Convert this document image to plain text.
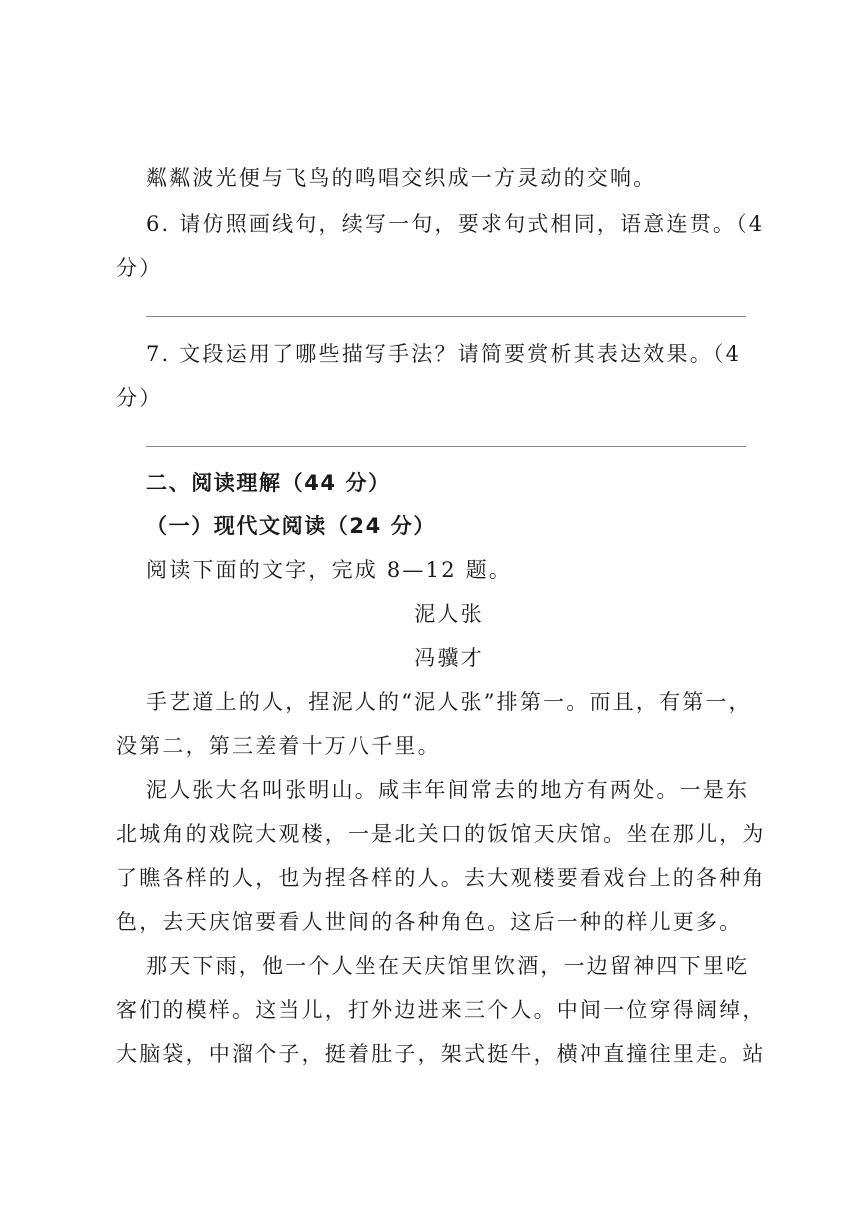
粼粼波光便与飞鸟的鸣唱交织成一方灵动的交响。
6. 请仿照画线句，续写一句，要求句式相同，语意连贯。（4
分）
7. 文段运用了哪些描写手法？请简要赏析其表达效果。（4
分）
二、阅读理解（44 分）
（一）现代文阅读（24 分）
阅读下面的文字，完成 8—12 题。
泥人张
冯骥才
手艺道上的人，捏泥人的“泥人张”排第一。而且，有第一，
没第二，第三差着十万八千里。
泥人张大名叫张明山。咸丰年间常去的地方有两处。一是东
北城角的戏院大观楼，一是北关口的饭馆天庆馆。坐在那儿，为
了瞧各样的人，也为捏各样的人。去大观楼要看戏台上的各种角
色，去天庆馆要看人世间的各种角色。这后一种的样儿更多。
那天下雨，他一个人坐在天庆馆里饮酒，一边留神四下里吃
客们的模样。这当儿，打外边进来三个人。中间一位穿得阔绰，
大脑袋，中溜个子，挺着肚子，架式挺牛，横冲直撞往里走。站
